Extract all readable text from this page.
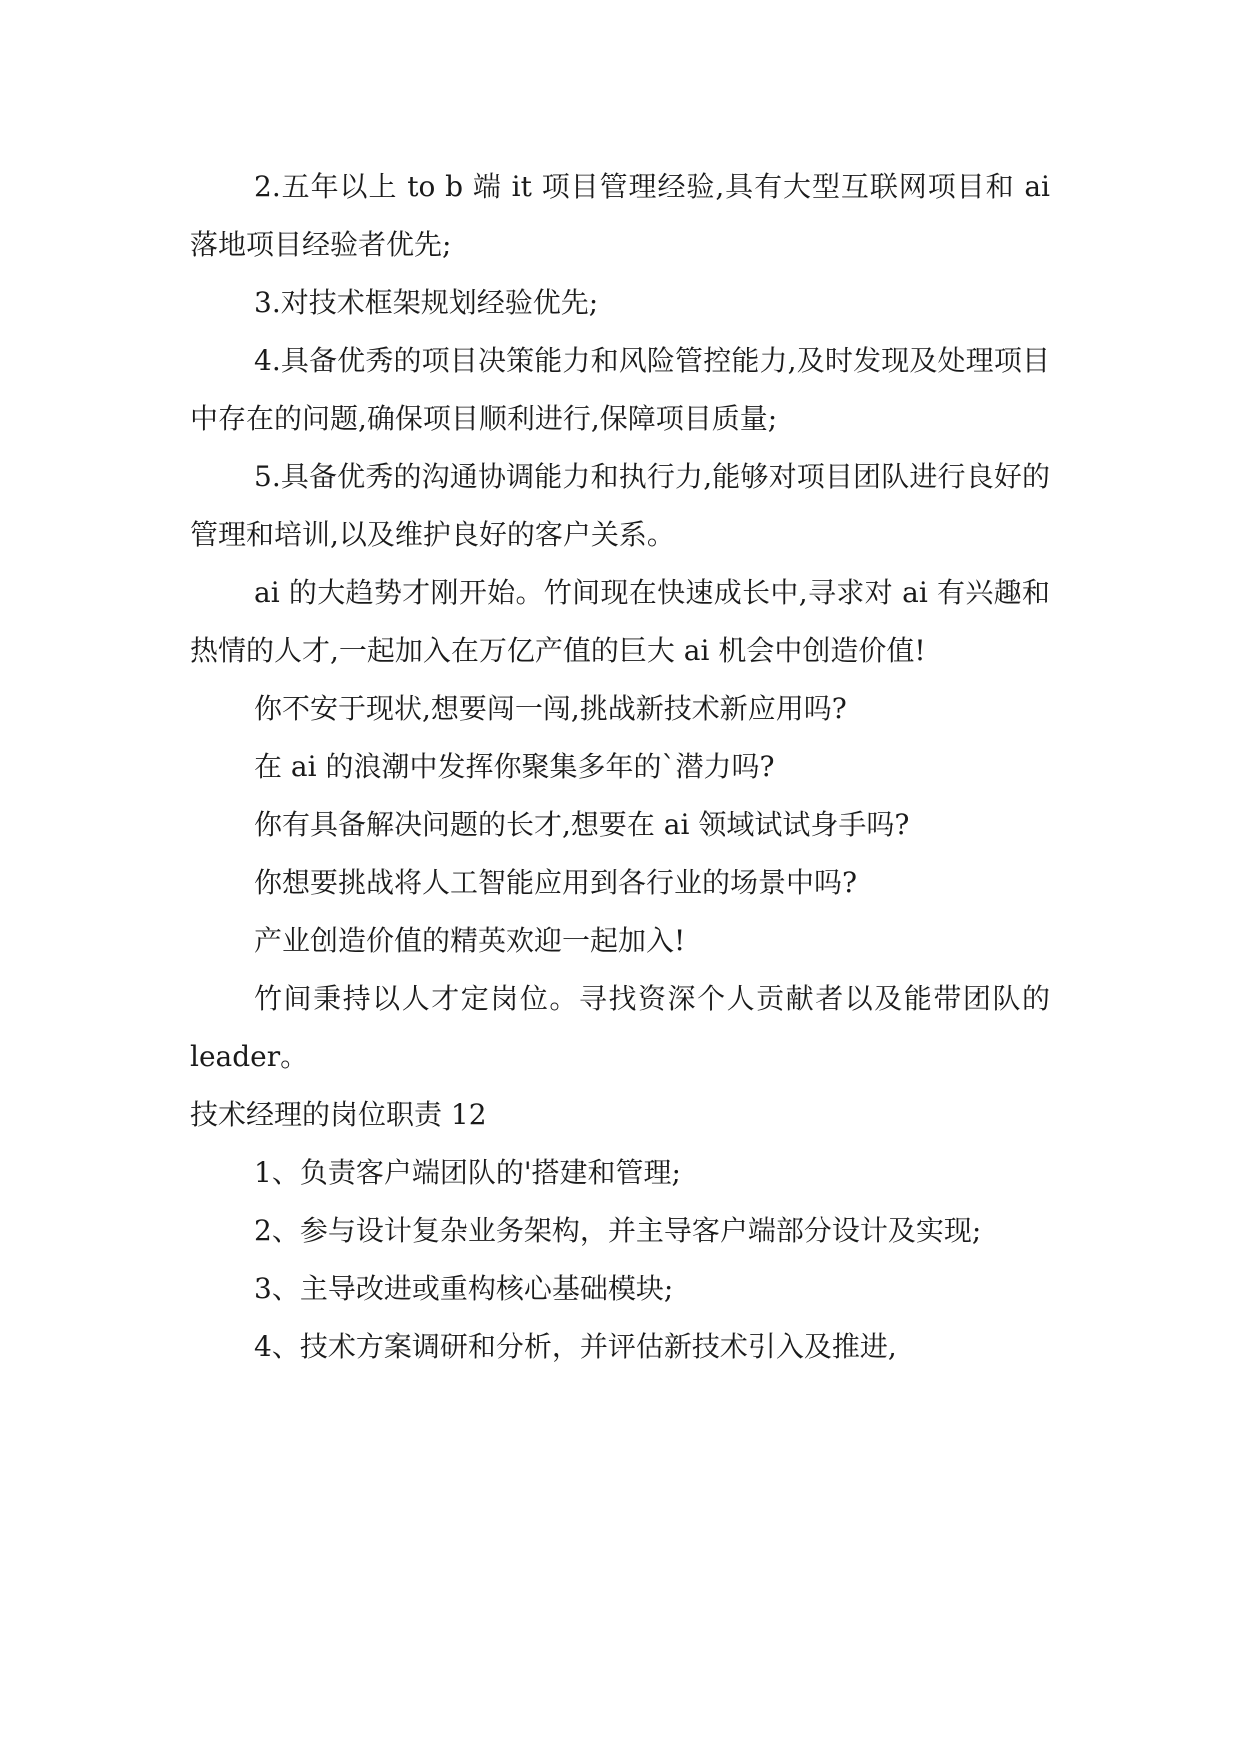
2.五年以上 to b 端 it 项目管理经验,具有大型互联网项目和 ai 落地项目经验者优先;

3.对技术框架规划经验优先;

4.具备优秀的项目决策能力和风险管控能力,及时发现及处理项目中存在的问题,确保项目顺利进行,保障项目质量;

5.具备优秀的沟通协调能力和执行力,能够对项目团队进行良好的管理和培训,以及维护良好的客户关系。

ai 的大趋势才刚开始。竹间现在快速成长中,寻求对 ai 有兴趣和热情的人才,一起加入在万亿产值的巨大 ai 机会中创造价值!

你不安于现状,想要闯一闯,挑战新技术新应用吗?

在 ai 的浪潮中发挥你聚集多年的`潜力吗?

你有具备解决问题的长才,想要在 ai 领域试试身手吗?

你想要挑战将人工智能应用到各行业的场景中吗?

产业创造价值的精英欢迎一起加入!

竹间秉持以人才定岗位。寻找资深个人贡献者以及能带团队的 leader。

技术经理的岗位职责 12

1、负责客户端团队的'搭建和管理;

2、参与设计复杂业务架构，并主导客户端部分设计及实现;

3、主导改进或重构核心基础模块;

4、技术方案调研和分析，并评估新技术引入及推进,
